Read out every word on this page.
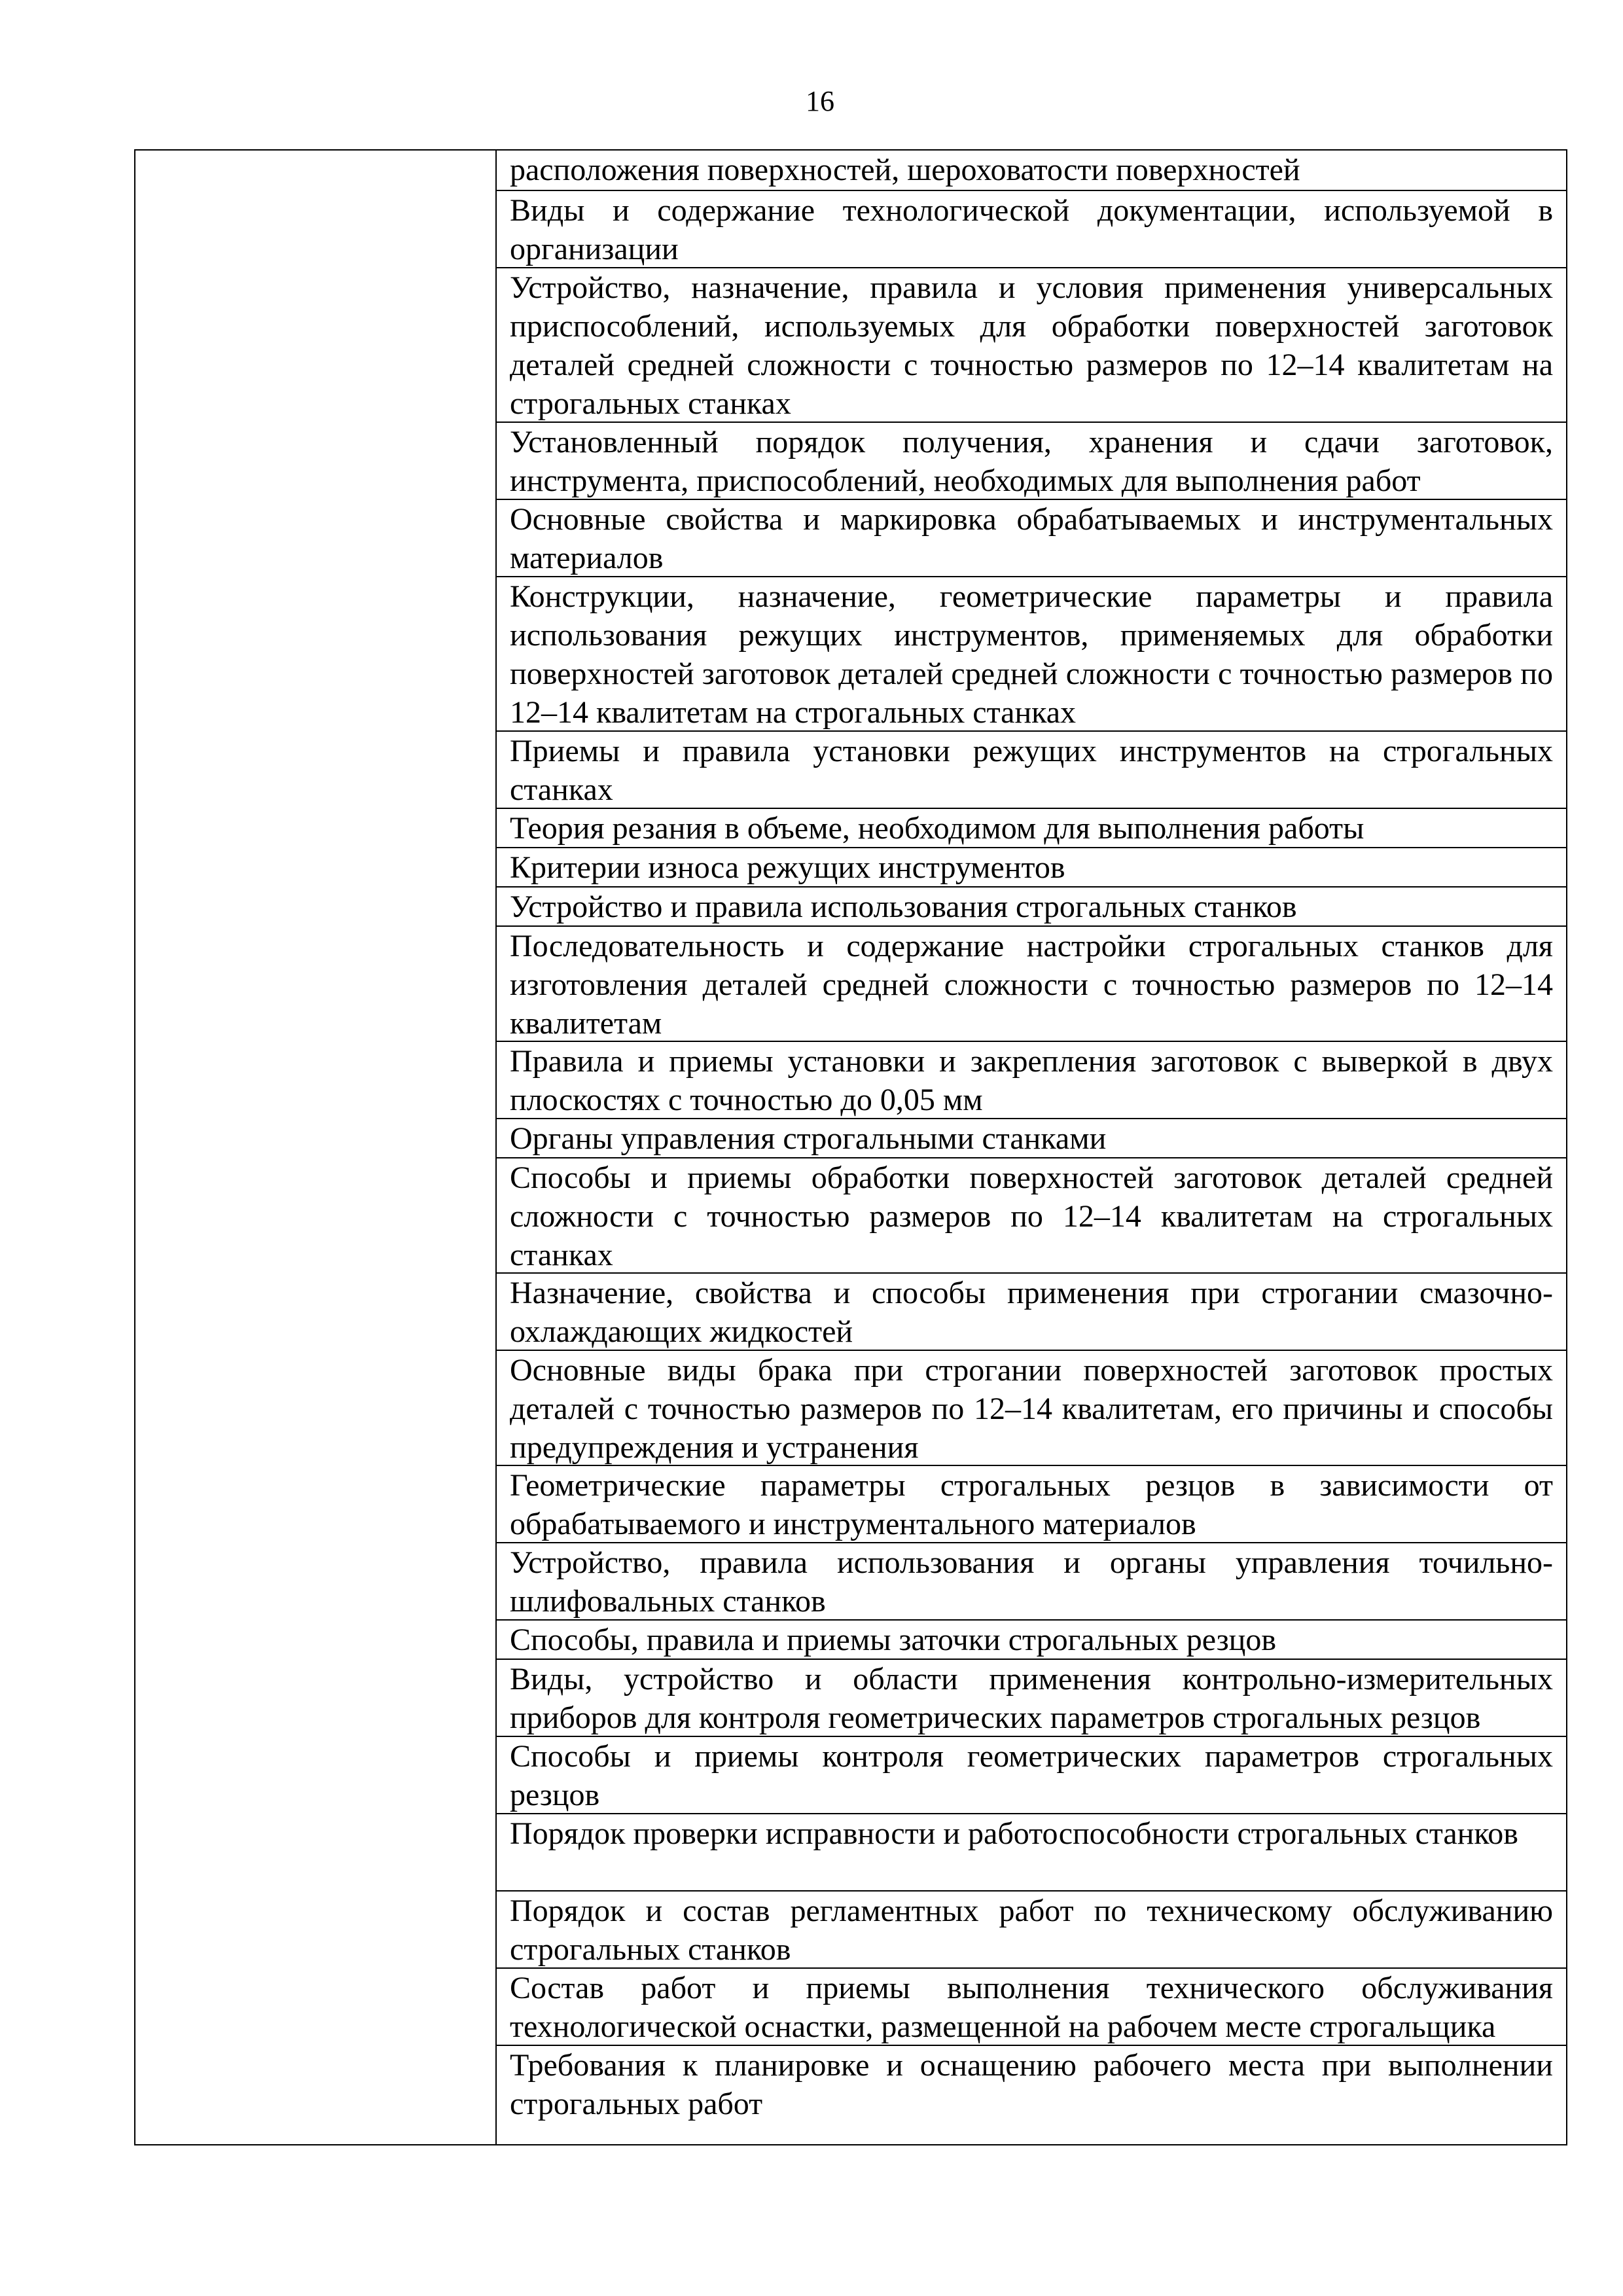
16
расположения поверхностей, шероховатости поверхностей
Виды и содержание технологической документации, используемой в организации
Устройство, назначение, правила и условия применения универсальных приспособлений, используемых для обработки поверхностей заготовок деталей средней сложности с точностью размеров по 12–14 квалитетам на строгальных станках
Установленный порядок получения, хранения и сдачи заготовок, инструмента, приспособлений, необходимых для выполнения работ
Основные свойства и маркировка обрабатываемых и инструментальных материалов
Конструкции, назначение, геометрические параметры и правила использования режущих инструментов, применяемых для обработки поверхностей заготовок деталей средней сложности с точностью размеров по 12–14 квалитетам на строгальных станках
Приемы и правила установки режущих инструментов на строгальных станках
Теория резания в объеме, необходимом для выполнения работы
Критерии износа режущих инструментов
Устройство и правила использования строгальных станков
Последовательность и содержание настройки строгальных станков для изготовления деталей средней сложности с точностью размеров по 12–14 квалитетам
Правила и приемы установки и закрепления заготовок с выверкой в двух плоскостях с точностью до 0,05 мм
Органы управления строгальными станками
Способы и приемы обработки поверхностей заготовок деталей средней сложности с точностью размеров по 12–14 квалитетам на строгальных станках
Назначение, свойства и способы применения при строгании смазочно-охлаждающих жидкостей
Основные виды брака при строгании поверхностей заготовок простых деталей с точностью размеров по 12–14 квалитетам, его причины и способы предупреждения и устранения
Геометрические параметры строгальных резцов в зависимости от обрабатываемого и инструментального материалов
Устройство, правила использования и органы управления точильно-шлифовальных станков
Способы, правила и приемы заточки строгальных резцов
Виды, устройство и области применения контрольно-измерительных приборов для контроля геометрических параметров строгальных резцов
Способы и приемы контроля геометрических параметров строгальных резцов
Порядок проверки исправности и работоспособности строгальных станков
Порядок и состав регламентных работ по техническому обслуживанию строгальных станков
Состав работ и приемы выполнения технического обслуживания технологической оснастки, размещенной на рабочем месте строгальщика
Требования к планировке и оснащению рабочего места при выполнении строгальных работ
